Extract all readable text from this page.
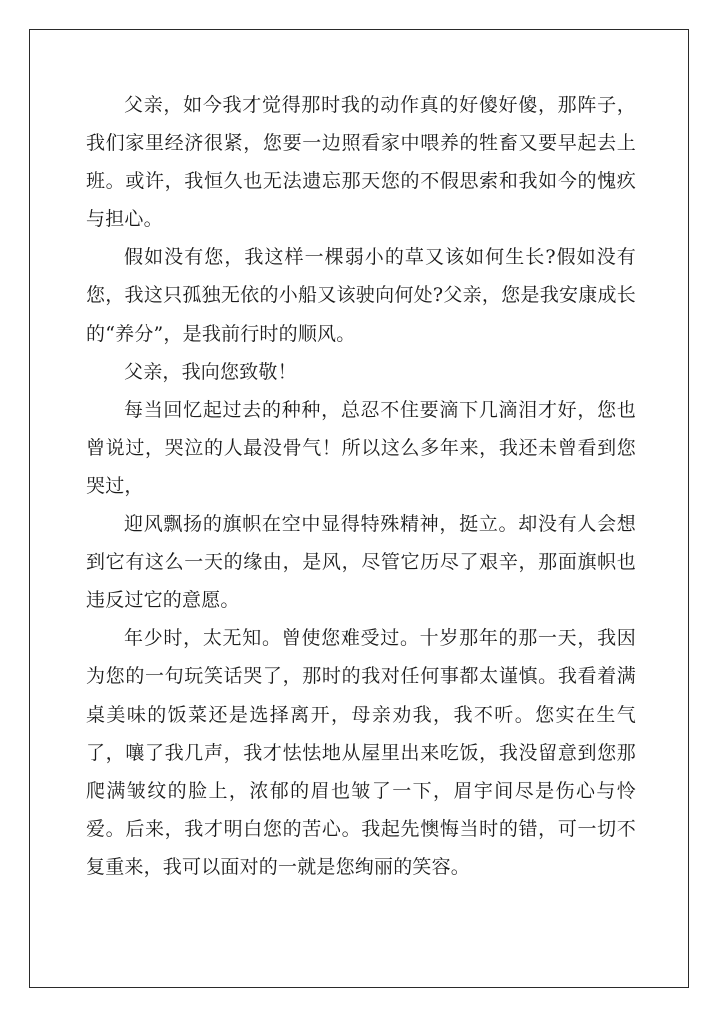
父亲，如今我才觉得那时我的动作真的好傻好傻，那阵子，我们家里经济很紧，您要一边照看家中喂养的牲畜又要早起去上班。或许，我恒久也无法遗忘那天您的不假思索和我如今的愧疚与担心。

假如没有您，我这样一棵弱小的草又该如何生长?假如没有您，我这只孤独无依的小船又该驶向何处?父亲，您是我安康成长的“养分”，是我前行时的顺风。

父亲，我向您致敬！

每当回忆起过去的种种，总忍不住要滴下几滴泪才好，您也曾说过，哭泣的人最没骨气！所以这么多年来，我还未曾看到您哭过，

迎风飘扬的旗帜在空中显得特殊精神，挺立。却没有人会想到它有这么一天的缘由，是风，尽管它历尽了艰辛，那面旗帜也违反过它的意愿。

年少时，太无知。曾使您难受过。十岁那年的那一天，我因为您的一句玩笑话哭了，那时的我对任何事都太谨慎。我看着满桌美味的饭菜还是选择离开，母亲劝我，我不听。您实在生气了，嚷了我几声，我才怯怯地从屋里出来吃饭，我没留意到您那爬满皱纹的脸上，浓郁的眉也皱了一下，眉宇间尽是伤心与怜爱。后来，我才明白您的苦心。我起先懊悔当时的错，可一切不复重来，我可以面对的一就是您绚丽的笑容。
